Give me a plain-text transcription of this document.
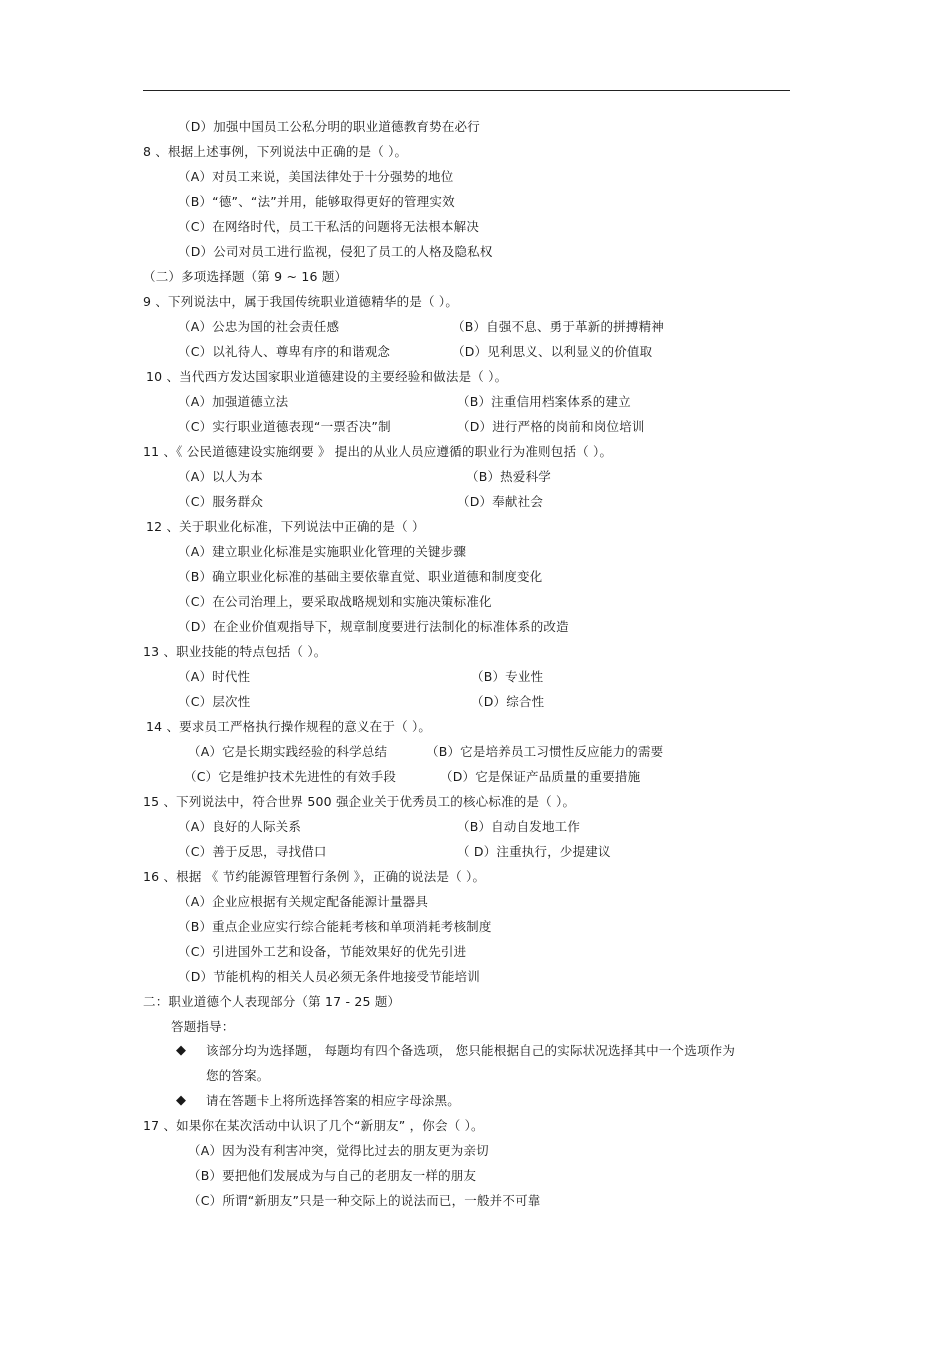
（D）加强中国员工公私分明的职业道德教育势在必行
8 、根据上述事例，下列说法中正确的是（ ）。
（A）对员工来说，美国法律处于十分强势的地位
（B）“德”、“法”并用，能够取得更好的管理实效
（C）在网络时代，员工干私活的问题将无法根本解决
（D）公司对员工进行监视，侵犯了员工的人格及隐私权
（二）多项选择题（第 9 ~ 16 题）
9 、下列说法中，属于我国传统职业道德精华的是（ ）。
（A）公忠为国的社会责任感	（B）自强不息、勇于革新的拼搏精神
（C）以礼待人、尊卑有序的和谐观念	（D）见利思义、以利显义的价值取
10 、当代西方发达国家职业道德建设的主要经验和做法是（ ）。
（A）加强道德立法	（B）注重信用档案体系的建立
（C）实行职业道德表现“一票否决”制	（D）进行严格的岗前和岗位培训
11 、《 公民道德建设实施纲要 》 提出的从业人员应遵循的职业行为准则包括（ ）。
（A）以人为本	（B）热爱科学
（C）服务群众	（D）奉献社会
12 、关于职业化标准，下列说法中正确的是（ ）
（A）建立职业化标准是实施职业化管理的关键步骤
（B）确立职业化标准的基础主要依靠直觉、职业道德和制度变化
（C）在公司治理上，要采取战略规划和实施决策标准化
（D）在企业价值观指导下，规章制度要进行法制化的标准体系的改造
13 、职业技能的特点包括（ ）。
（A）时代性	（B）专业性
（C）层次性	（D）综合性
14 、要求员工严格执行操作规程的意义在于（ ）。
（A）它是长期实践经验的科学总结	（B）它是培养员工习惯性反应能力的需要
（C）它是维护技术先进性的有效手段	（D）它是保证产品质量的重要措施
15 、下列说法中，符合世界 500 强企业关于优秀员工的核心标准的是（ ）。
（A）良好的人际关系	（B）自动自发地工作
（C）善于反思，寻找借口	（ D）注重执行，少提建议
16 、根据 《 节约能源管理暂行条例 》，正确的说法是（ ）。
（A）企业应根据有关规定配备能源计量器具
（B）重点企业应实行综合能耗考核和单项消耗考核制度
（C）引进国外工艺和设备，节能效果好的优先引进
（D）节能机构的相关人员必须无条件地接受节能培训
二：职业道德个人表现部分（第 17 - 25 题）
答题指导：
◆ 该部分均为选择题， 每题均有四个备选项， 您只能根据自己的实际状况选择其中一个选项作为
您的答案。
◆ 请在答题卡上将所选择答案的相应字母涂黑。
17 、如果你在某次活动中认识了几个“新朋友” ，你会（ ）。
（A）因为没有利害冲突，觉得比过去的朋友更为亲切
（B）要把他们发展成为与自己的老朋友一样的朋友
（C）所谓“新朋友”只是一种交际上的说法而已，一般并不可靠
